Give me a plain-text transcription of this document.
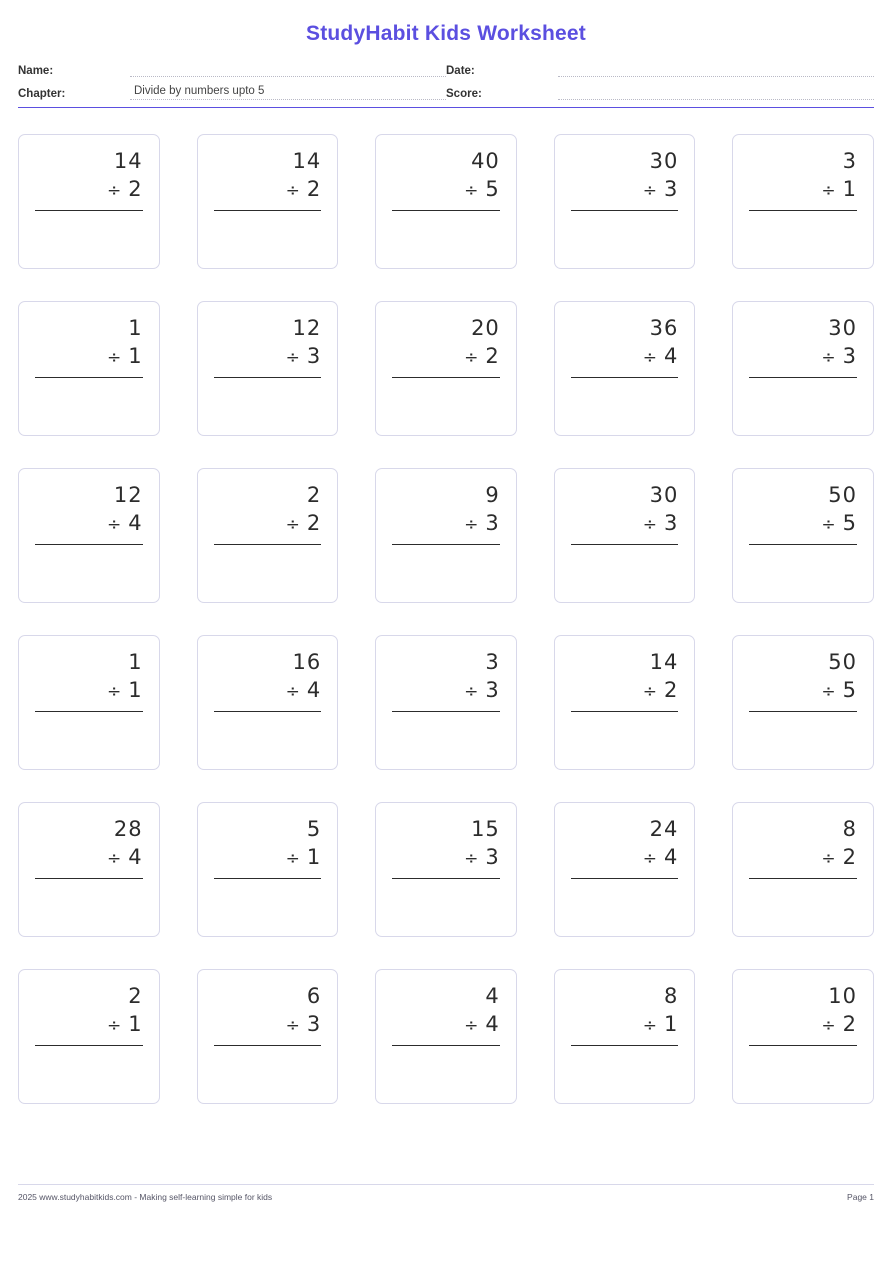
StudyHabit Kids Worksheet
Name:
Chapter:	Divide by numbers upto 5
Date:
Score:
14
÷ 2
14
÷ 2
40
÷ 5
30
÷ 3
3
÷ 1
1
÷ 1
12
÷ 3
20
÷ 2
36
÷ 4
30
÷ 3
12
÷ 4
2
÷ 2
9
÷ 3
30
÷ 3
50
÷ 5
1
÷ 1
16
÷ 4
3
÷ 3
14
÷ 2
50
÷ 5
28
÷ 4
5
÷ 1
15
÷ 3
24
÷ 4
8
÷ 2
2
÷ 1
6
÷ 3
4
÷ 4
8
÷ 1
10
÷ 2
2025 www.studyhabitkids.com - Making self-learning simple for kids	Page 1
